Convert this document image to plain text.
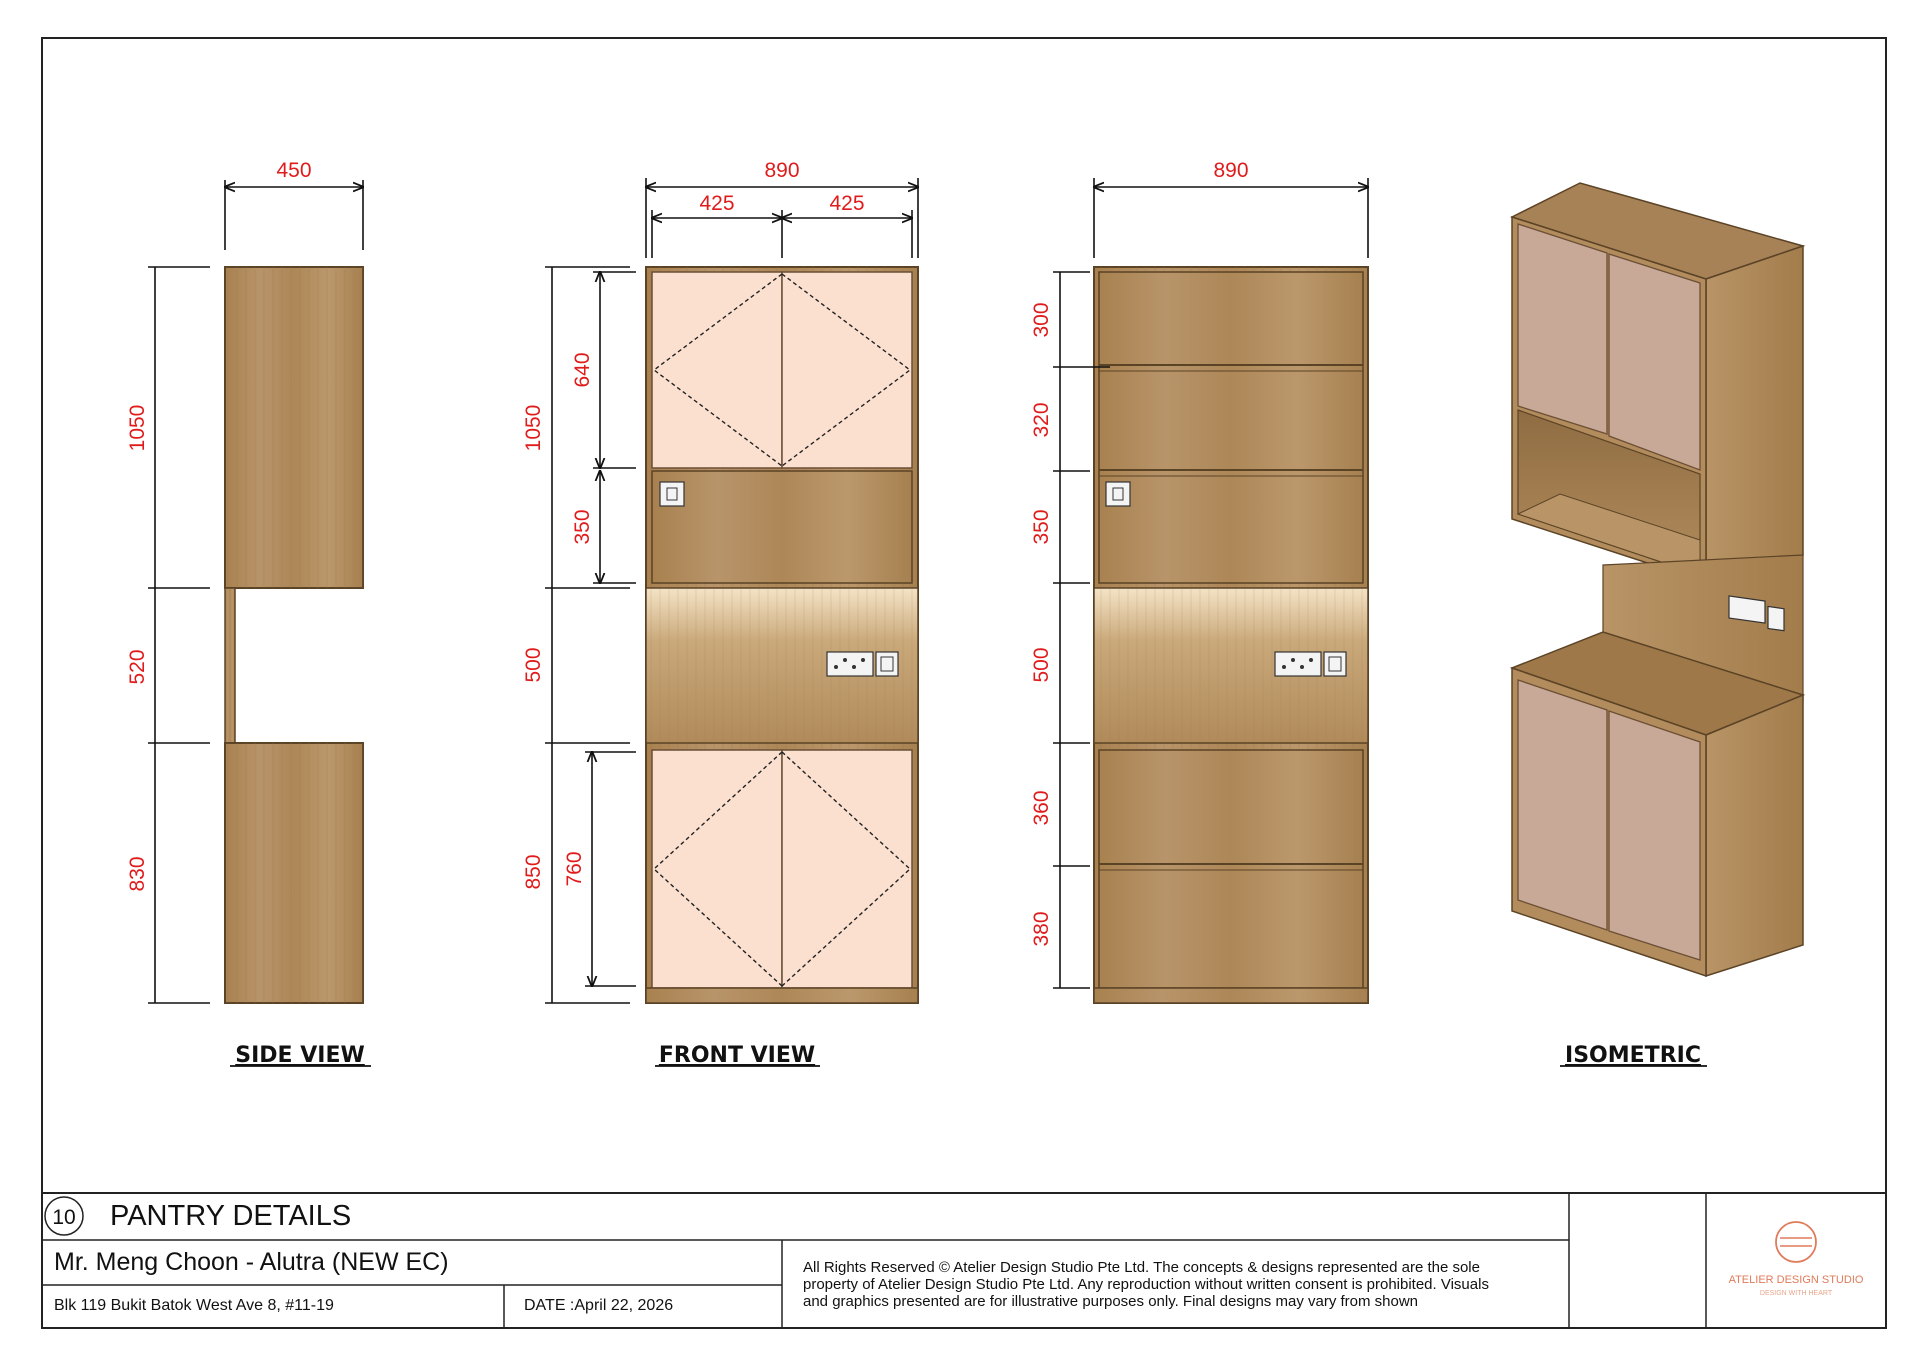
450
1050
520
830
SIDE VIEW
890
425	425
1050
500
850
640
350
760
FRONT VIEW
890
300
320
350
500
360
380
ISOMETRIC
10 PANTRY DETAILS
Mr. Meng Choon - Alutra (NEW EC)
Blk 119 Bukit Batok West Ave 8, #11-19	DATE :April 22, 2026
All Rights Reserved © Atelier Design Studio Pte Ltd. The concepts & designs represented are the sole
property of Atelier Design Studio Pte Ltd. Any reproduction without written consent is prohibited. Visuals
and graphics presented are for illustrative purposes only. Final designs may vary from shown
ATELIER DESIGN STUDIO
DESIGN WITH HEART
